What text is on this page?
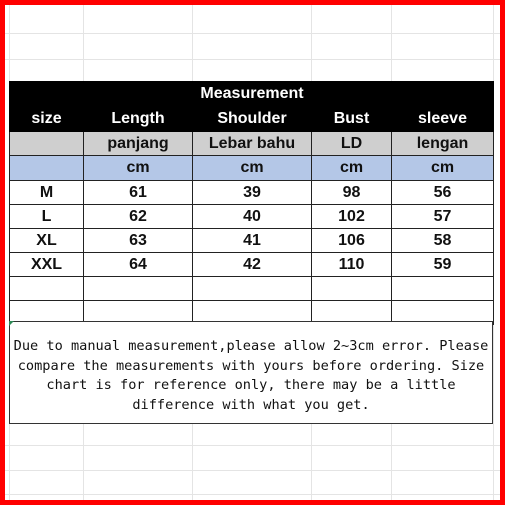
		Measurement		
size	Length	Shoulder	Bust	sleeve
	panjang	Lebar bahu	LD	lengan
	cm	cm	cm	cm
M	61	39	98	56
L	62	40	102	57
XL	63	41	106	58
XXL	64	42	110	59

Due to manual measurement,please allow 2~3cm error. Please
compare the measurements with yours before ordering. Size
chart is for reference only, there may be a little
difference with what you get.
